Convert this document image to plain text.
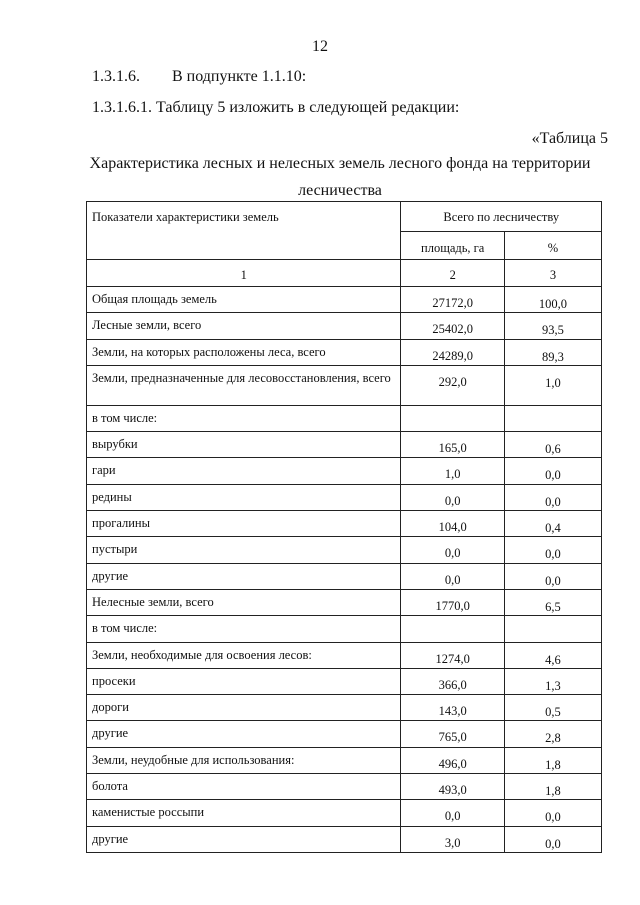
12
1.3.1.6. В подпункте 1.1.10:
1.3.1.6.1. Таблицу 5 изложить в следующей редакции:
«Таблица 5
Характеристика лесных и нелесных земель лесного фонда на территории
лесничества
Показатели характеристики земель	Всего по лесничеству	
	площадь, га	%
1	2	3
Общая площадь земель	27172,0	100,0
Лесные земли, всего	25402,0	93,5
Земли, на которых расположены леса, всего	24289,0	89,3
Земли, предназначенные для лесовосстановления, всего	292,0	1,0
в том числе:		
вырубки	165,0	0,6
гари	1,0	0,0
редины	0,0	0,0
прогалины	104,0	0,4
пустыри	0,0	0,0
другие	0,0	0,0
Нелесные земли, всего	1770,0	6,5
в том числе:		
Земли, необходимые для освоения лесов:	1274,0	4,6
просеки	366,0	1,3
дороги	143,0	0,5
другие	765,0	2,8
Земли, неудобные для использования:	496,0	1,8
болота	493,0	1,8
каменистые россыпи	0,0	0,0
другие	3,0	0,0
